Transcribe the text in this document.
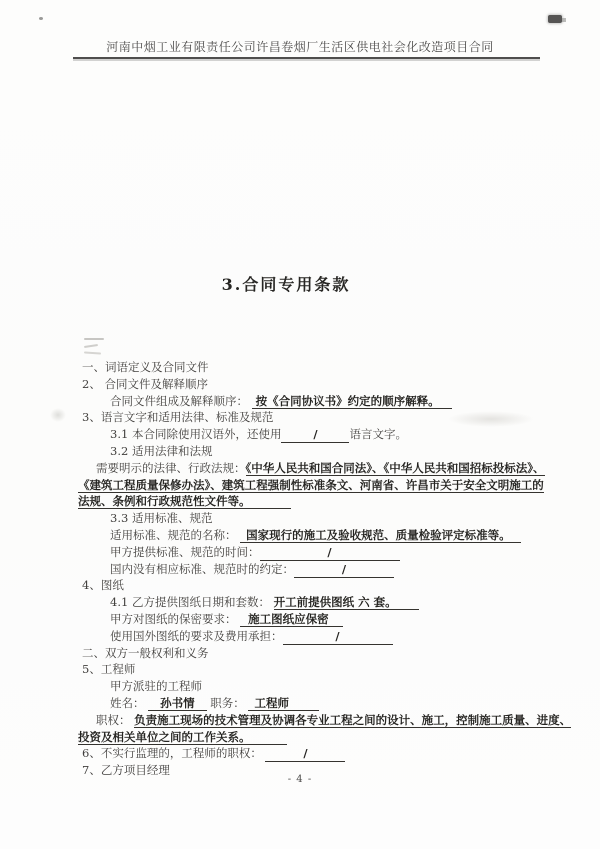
河南中烟工业有限责任公司许昌卷烟厂生活区供电社会化改造项目合同
3.合同专用条款
一、词语定义及合同文件
2、 合同文件及解释顺序
合同文件组成及解释顺序： 按《合同协议书》约定的顺序解释。
3、语言文字和适用法律、标准及规范
3.1 本合同除使用汉语外，还使用	/	语言文字。
3.2 适用法律和法规
需要明示的法律、行政法规：《中华人民共和国合同法》、《中华人民共和国招标投标法》、
《建筑工程质量保修办法》、建筑工程强制性标准条文、河南省、许昌市关于安全文明施工的
法规、条例和行政规范性文件等。
3.3 适用标准、规范
适用标准、规范的名称： 国家现行的施工及验收规范、质量检验评定标准等。
甲方提供标准、规范的时间：	/
国内没有相应标准、规范时的约定：	/
4、图纸
4.1 乙方提供图纸日期和套数： 开工前提供图纸 六 套。
甲方对图纸的保密要求： 施工图纸应保密
使用国外图纸的要求及费用承担：	/
二、双方一般权利和义务
5、工程师
甲方派驻的工程师
姓名： 孙书情 职务： 工程师
职权： 负责施工现场的技术管理及协调各专业工程之间的设计、施工，控制施工质量、进度、
投资及相关单位之间的工作关系。
6、不实行监理的，工程师的职权：	/
7、乙方项目经理
- 4 -
